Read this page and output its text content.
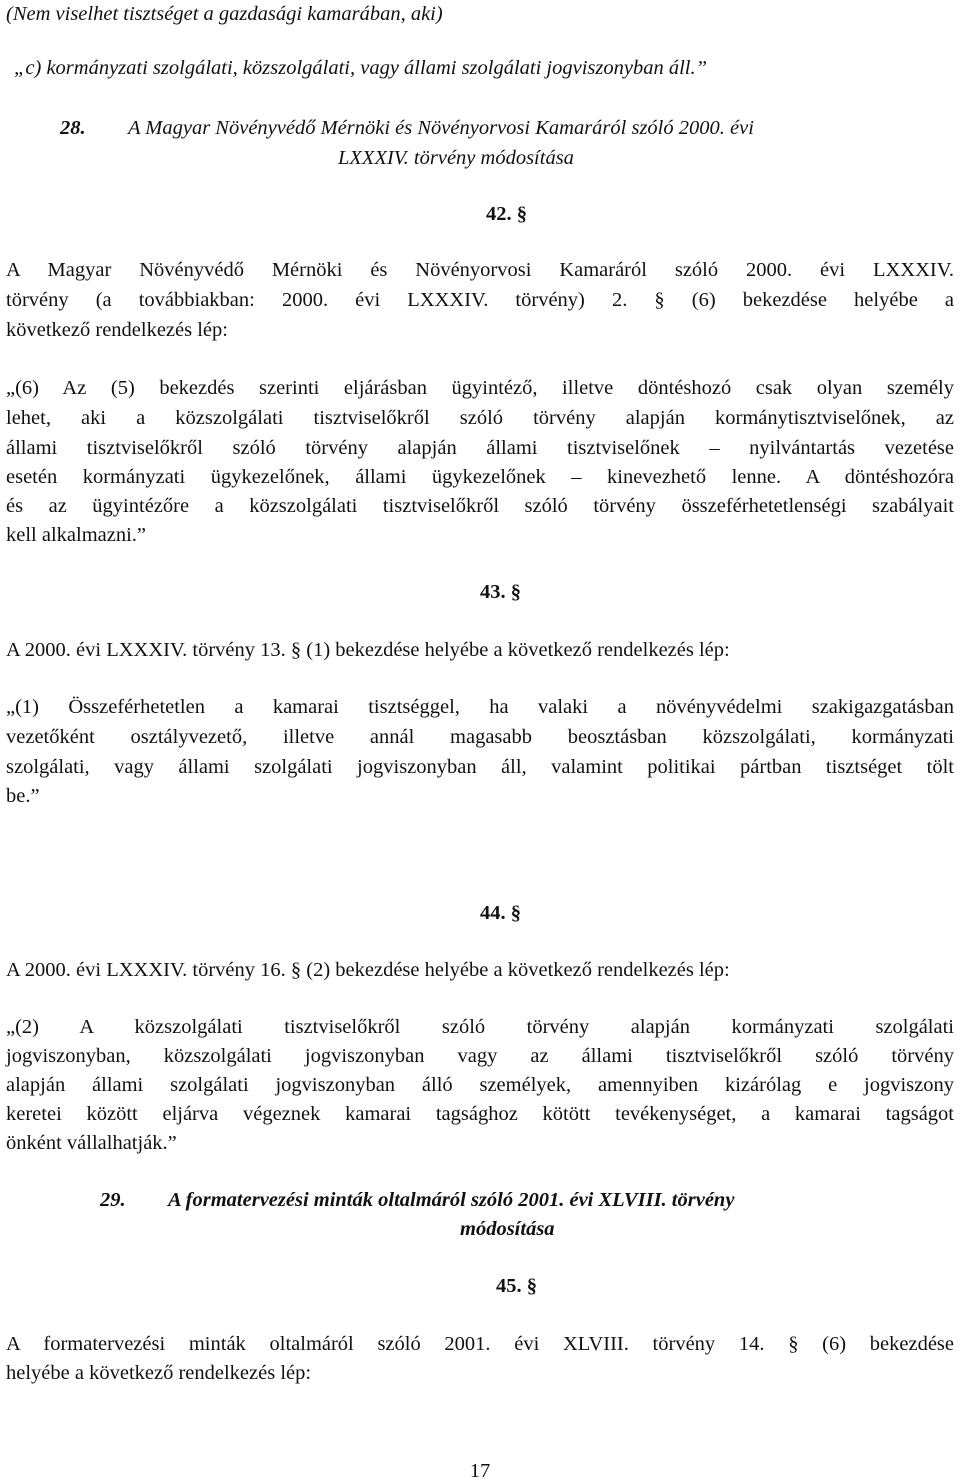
(Nem viselhet tisztséget a gazdasági kamarában, aki)
„c) kormányzati szolgálati, közszolgálati, vagy állami szolgálati jogviszonyban áll.”
28. A Magyar Növényvédő Mérnöki és Növényorvosi Kamaráról szóló 2000. évi
LXXXIV. törvény módosítása
42. §
A Magyar Növényvédő Mérnöki és Növényorvosi Kamaráról szóló 2000. évi LXXXIV.
törvény (a továbbiakban: 2000. évi LXXXIV. törvény) 2. § (6) bekezdése helyébe a
következő rendelkezés lép:
„(6) Az (5) bekezdés szerinti eljárásban ügyintéző, illetve döntéshozó csak olyan személy
lehet, aki a közszolgálati tisztviselőkről szóló törvény alapján kormánytisztviselőnek, az
állami tisztviselőkről szóló törvény alapján állami tisztviselőnek – nyilvántartás vezetése
esetén kormányzati ügykezelőnek, állami ügykezelőnek – kinevezhető lenne. A döntéshozóra
és az ügyintézőre a közszolgálati tisztviselőkről szóló törvény összeférhetetlenségi szabályait
kell alkalmazni.”
43. §
A 2000. évi LXXXIV. törvény 13. § (1) bekezdése helyébe a következő rendelkezés lép:
„(1) Összeférhetetlen a kamarai tisztséggel, ha valaki a növényvédelmi szakigazgatásban
vezetőként osztályvezető, illetve annál magasabb beosztásban közszolgálati, kormányzati
szolgálati, vagy állami szolgálati jogviszonyban áll, valamint politikai pártban tisztséget tölt
be.”
44. §
A 2000. évi LXXXIV. törvény 16. § (2) bekezdése helyébe a következő rendelkezés lép:
„(2) A közszolgálati tisztviselőkről szóló törvény alapján kormányzati szolgálati
jogviszonyban, közszolgálati jogviszonyban vagy az állami tisztviselőkről szóló törvény
alapján állami szolgálati jogviszonyban álló személyek, amennyiben kizárólag e jogviszony
keretei között eljárva végeznek kamarai tagsághoz kötött tevékenységet, a kamarai tagságot
önként vállalhatják.”
29. A formatervezési minták oltalmáról szóló 2001. évi XLVIII. törvény
módosítása
45. §
A formatervezési minták oltalmáról szóló 2001. évi XLVIII. törvény 14. § (6) bekezdése
helyébe a következő rendelkezés lép:
17
